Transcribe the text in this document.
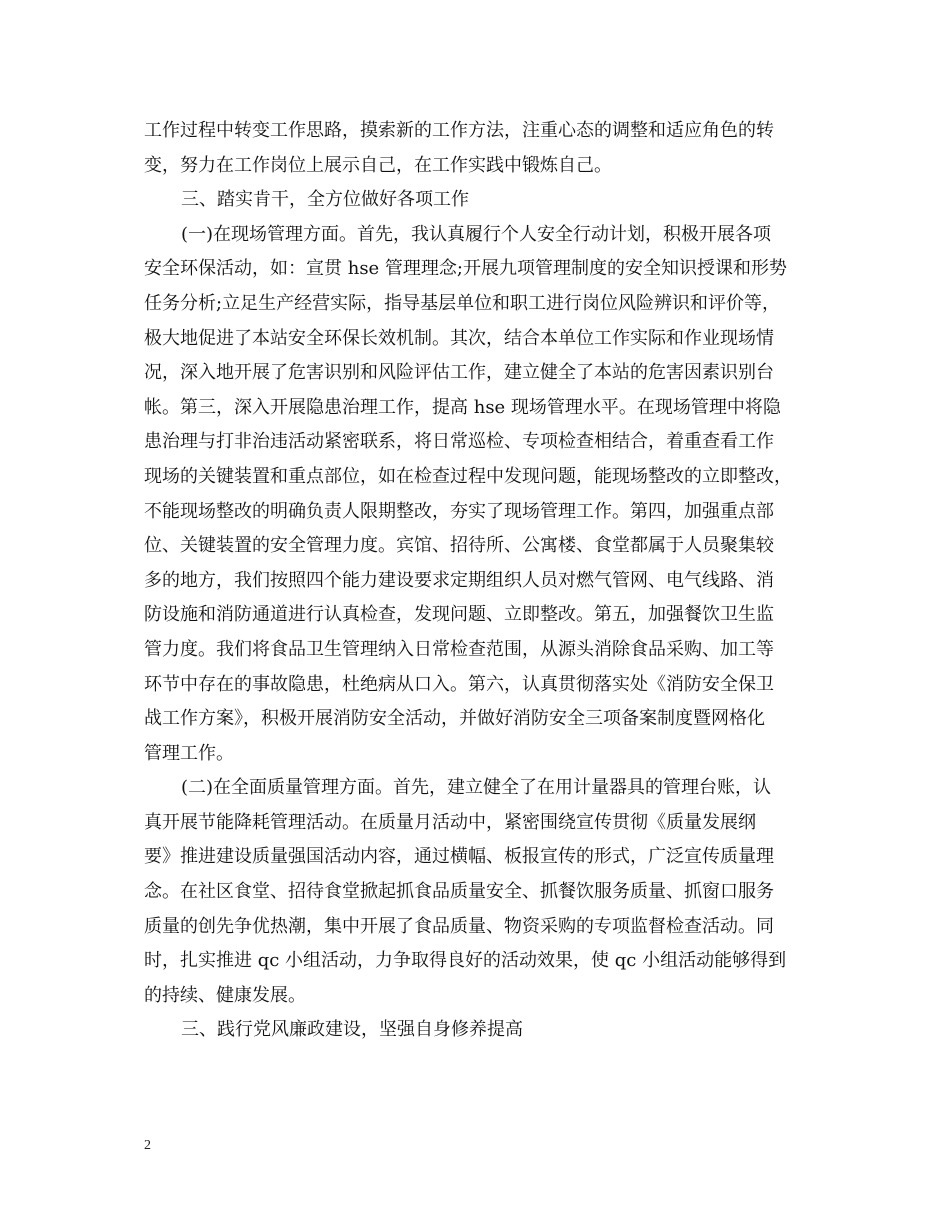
工作过程中转变工作思路，摸索新的工作方法，注重心态的调整和适应角色的转
变，努力在工作岗位上展示自己，在工作实践中锻炼自己。
三、踏实肯干，全方位做好各项工作
(一)在现场管理方面。首先，我认真履行个人安全行动计划，积极开展各项
安全环保活动，如：宣贯 hse 管理理念;开展九项管理制度的安全知识授课和形势
任务分析;立足生产经营实际，指导基层单位和职工进行岗位风险辨识和评价等，
极大地促进了本站安全环保长效机制。其次，结合本单位工作实际和作业现场情
况，深入地开展了危害识别和风险评估工作，建立健全了本站的危害因素识别台
帐。第三，深入开展隐患治理工作，提高 hse 现场管理水平。在现场管理中将隐
患治理与打非治违活动紧密联系，将日常巡检、专项检查相结合，着重查看工作
现场的关键装置和重点部位，如在检查过程中发现问题，能现场整改的立即整改，
不能现场整改的明确负责人限期整改，夯实了现场管理工作。第四，加强重点部
位、关键装置的安全管理力度。宾馆、招待所、公寓楼、食堂都属于人员聚集较
多的地方，我们按照四个能力建设要求定期组织人员对燃气管网、电气线路、消
防设施和消防通道进行认真检查，发现问题、立即整改。第五，加强餐饮卫生监
管力度。我们将食品卫生管理纳入日常检查范围，从源头消除食品采购、加工等
环节中存在的事故隐患，杜绝病从口入。第六，认真贯彻落实处《消防安全保卫
战工作方案》，积极开展消防安全活动，并做好消防安全三项备案制度暨网格化
管理工作。
(二)在全面质量管理方面。首先，建立健全了在用计量器具的管理台账，认
真开展节能降耗管理活动。在质量月活动中，紧密围绕宣传贯彻《质量发展纲
要》推进建设质量强国活动内容，通过横幅、板报宣传的形式，广泛宣传质量理
念。在社区食堂、招待食堂掀起抓食品质量安全、抓餐饮服务质量、抓窗口服务
质量的创先争优热潮，集中开展了食品质量、物资采购的专项监督检查活动。同
时，扎实推进 qc 小组活动，力争取得良好的活动效果，使 qc 小组活动能够得到
的持续、健康发展。
三、践行党风廉政建设，坚强自身修养提高
2
